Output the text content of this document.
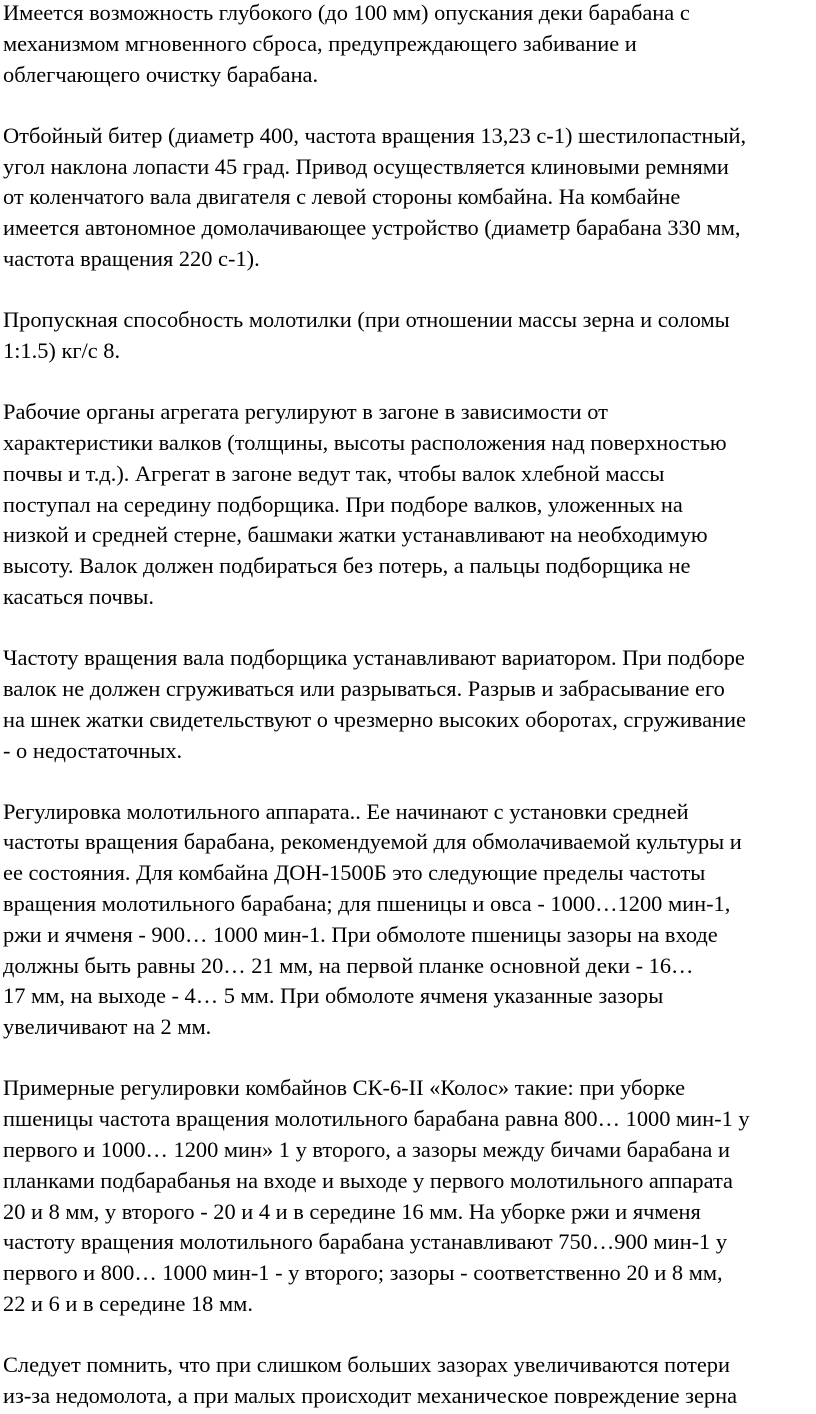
Имеется возможность глубокого (до 100 мм) опускания деки барабана с
механизмом мгновенного сброса, предупреждающего забивание и
облегчающего очистку барабана.

Отбойный битер (диаметр 400, частота вращения 13,23 с-1) шестилопастный,
угол наклона лопасти 45 град. Привод осуществляется клиновыми ремнями
от коленчатого вала двигателя с левой стороны комбайна. На комбайне
имеется автономное домолачивающее устройство (диаметр барабана 330 мм,
частота вращения 220 с-1).

Пропускная способность молотилки (при отношении массы зерна и соломы
1:1.5) кг/с 8.

Рабочие органы агрегата регулируют в загоне в зависимости от
характеристики валков (толщины, высоты расположения над поверхностью
почвы и т.д.). Агрегат в загоне ведут так, чтобы валок хлебной массы
поступал на середину подборщика. При подборе валков, уложенных на
низкой и средней стерне, башмаки жатки устанавливают на необходимую
высоту. Валок должен подбираться без потерь, а пальцы подборщика не
касаться почвы.

Частоту вращения вала подборщика устанавливают вариатором. При подборе
валок не должен сгруживаться или разрываться. Разрыв и забрасывание его
на шнек жатки свидетельствуют о чрезмерно высоких оборотах, сгруживание
- о недостаточных.

Регулировка молотильного аппарата.. Ее начинают с установки средней
частоты вращения барабана, рекомендуемой для обмолачиваемой культуры и
ее состояния. Для комбайна ДОН-1500Б это следующие пределы частоты
вращения молотильного барабана; для пшеницы и овса - 1000…1200 мин-1,
ржи и ячменя - 900… 1000 мин-1. При обмолоте пшеницы зазоры на входе
должны быть равны 20… 21 мм, на первой планке основной деки - 16…
17 мм, на выходе - 4… 5 мм. При обмолоте ячменя указанные зазоры
увеличивают на 2 мм.

Примерные регулировки комбайнов СК-6-II «Колос» такие: при уборке
пшеницы частота вращения молотильного барабана равна 800… 1000 мин-1 у
первого и 1000… 1200 мин» 1 у второго, а зазоры между бичами барабана и
планками подбарабанья на входе и выходе у первого молотильного аппарата
20 и 8 мм, у второго - 20 и 4 и в середине 16 мм. На уборке ржи и ячменя
частоту вращения молотильного барабана устанавливают 750…900 мин-1 у
первого и 800… 1000 мин-1 - у второго; зазоры - соответственно 20 и 8 мм,
22 и 6 и в середине 18 мм.

Следует помнить, что при слишком больших зазорах увеличиваются потери
из-за недомолота, а при малых происходит механическое повреждение зерна
